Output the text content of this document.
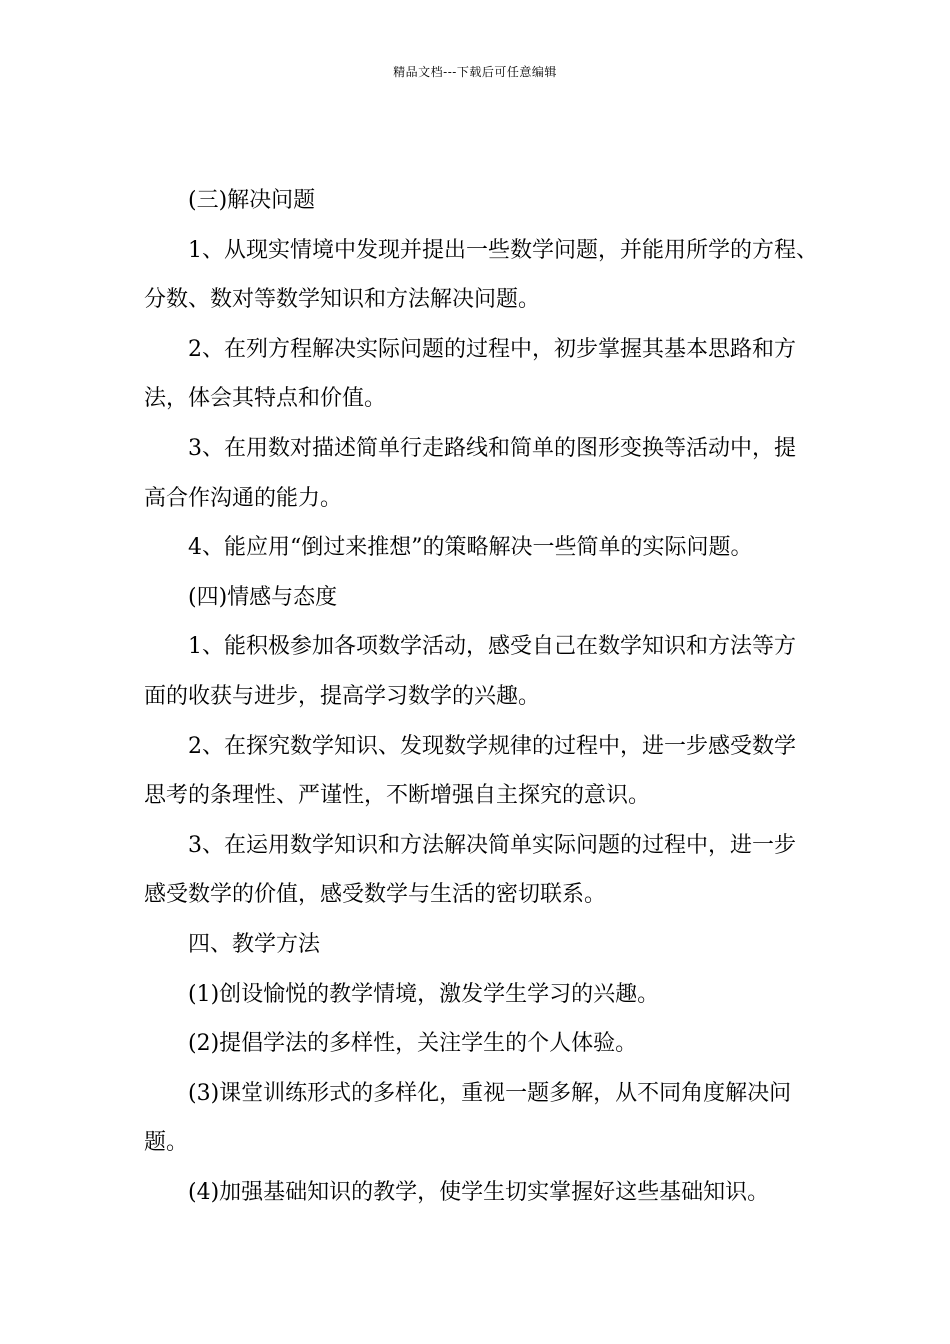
精品文档---下载后可任意编辑

(三)解决问题

1、从现实情境中发现并提出一些数学问题，并能用所学的方程、

分数、数对等数学知识和方法解决问题。

2、在列方程解决实际问题的过程中，初步掌握其基本思路和方

法，体会其特点和价值。

3、在用数对描述简单行走路线和简单的图形变换等活动中，提

高合作沟通的能力。

4、能应用“倒过来推想”的策略解决一些简单的实际问题。

(四)情感与态度

1、能积极参加各项数学活动，感受自己在数学知识和方法等方

面的收获与进步，提高学习数学的兴趣。

2、在探究数学知识、发现数学规律的过程中，进一步感受数学

思考的条理性、严谨性，不断增强自主探究的意识。

3、在运用数学知识和方法解决简单实际问题的过程中，进一步

感受数学的价值，感受数学与生活的密切联系。

四、教学方法

(1)创设愉悦的教学情境，激发学生学习的兴趣。

(2)提倡学法的多样性，关注学生的个人体验。

(3)课堂训练形式的多样化，重视一题多解，从不同角度解决问

题。

(4)加强基础知识的教学，使学生切实掌握好这些基础知识。
